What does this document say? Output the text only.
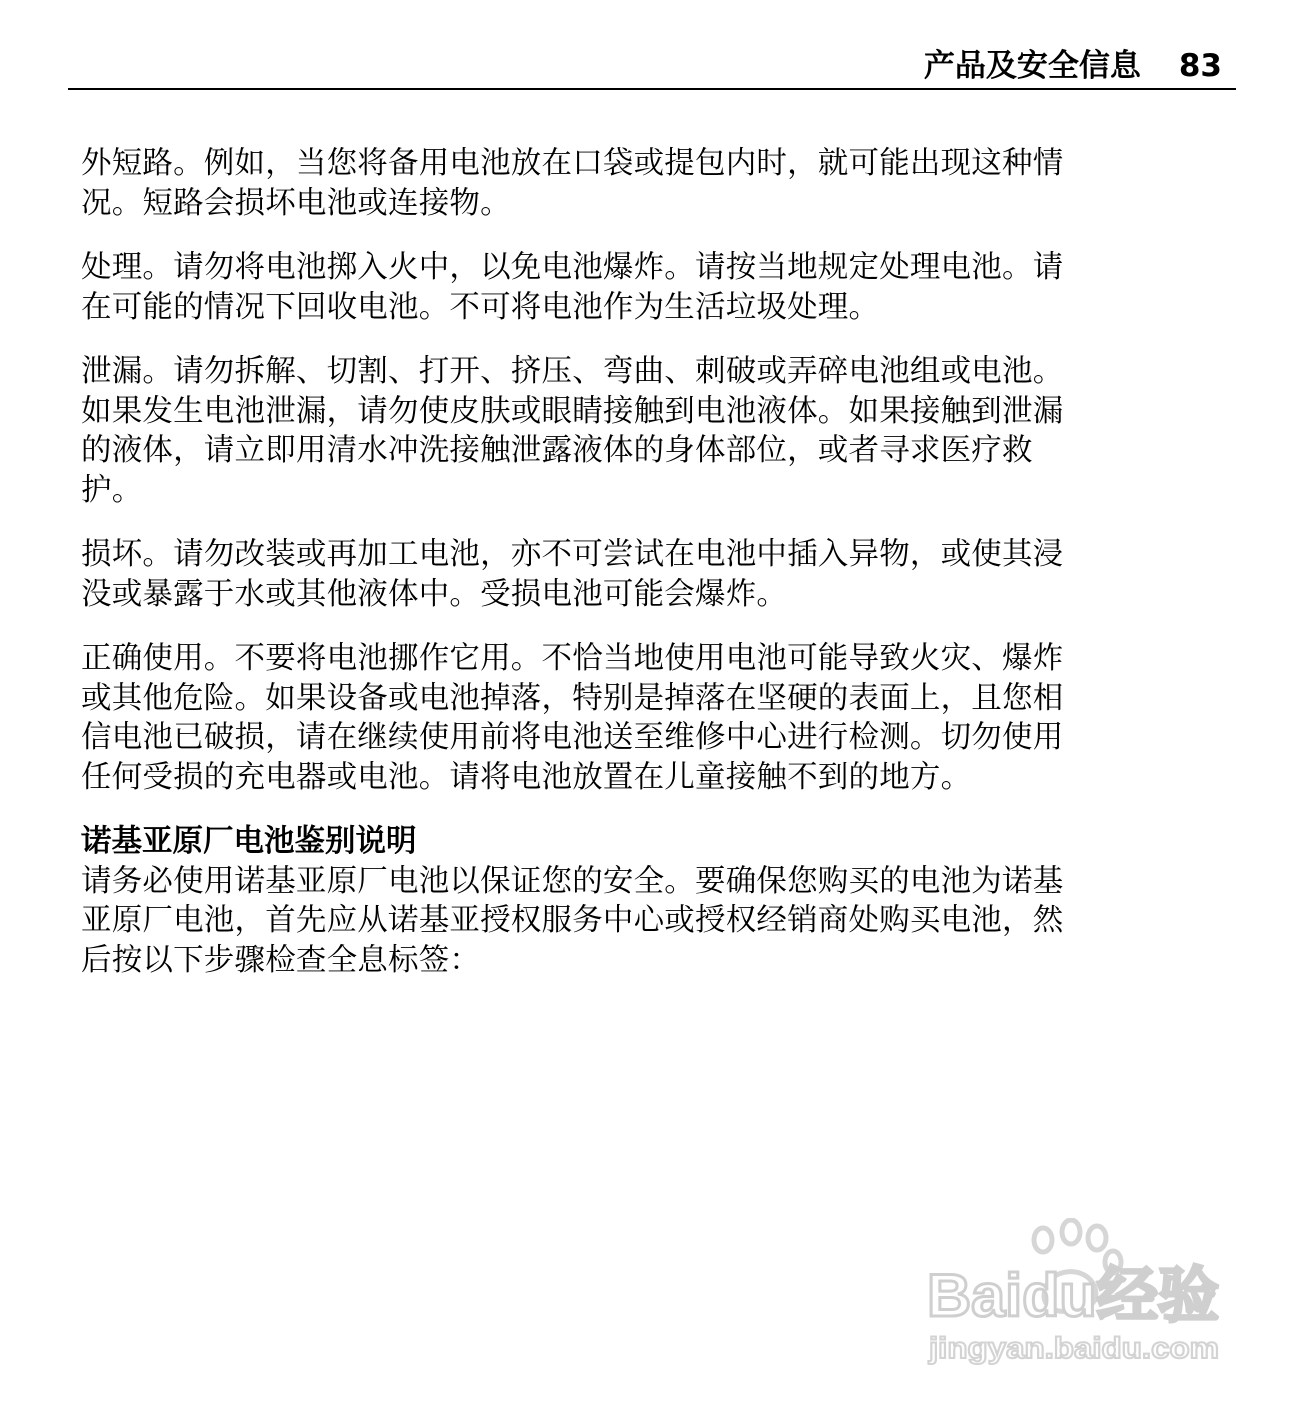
产品及安全信息 83

外短路。例如，当您将备用电池放在口袋或提包内时，就可能出现这种情
况。短路会损坏电池或连接物。

处理。请勿将电池掷入火中，以免电池爆炸。请按当地规定处理电池。请
在可能的情况下回收电池。不可将电池作为生活垃圾处理。

泄漏。请勿拆解、切割、打开、挤压、弯曲、刺破或弄碎电池组或电池。
如果发生电池泄漏，请勿使皮肤或眼睛接触到电池液体。如果接触到泄漏
的液体，请立即用清水冲洗接触泄露液体的身体部位，或者寻求医疗救
护。

损坏。请勿改装或再加工电池，亦不可尝试在电池中插入异物，或使其浸
没或暴露于水或其他液体中。受损电池可能会爆炸。

正确使用。不要将电池挪作它用。不恰当地使用电池可能导致火灾、爆炸
或其他危险。如果设备或电池掉落，特别是掉落在坚硬的表面上，且您相
信电池已破损，请在继续使用前将电池送至维修中心进行检测。切勿使用
任何受损的充电器或电池。请将电池放置在儿童接触不到的地方。

诺基亚原厂电池鉴别说明

请务必使用诺基亚原厂电池以保证您的安全。要确保您购买的电池为诺基
亚原厂电池，首先应从诺基亚授权服务中心或授权经销商处购买电池，然
后按以下步骤检查全息标签：

Baidu经验
jingyan.baidu.com
